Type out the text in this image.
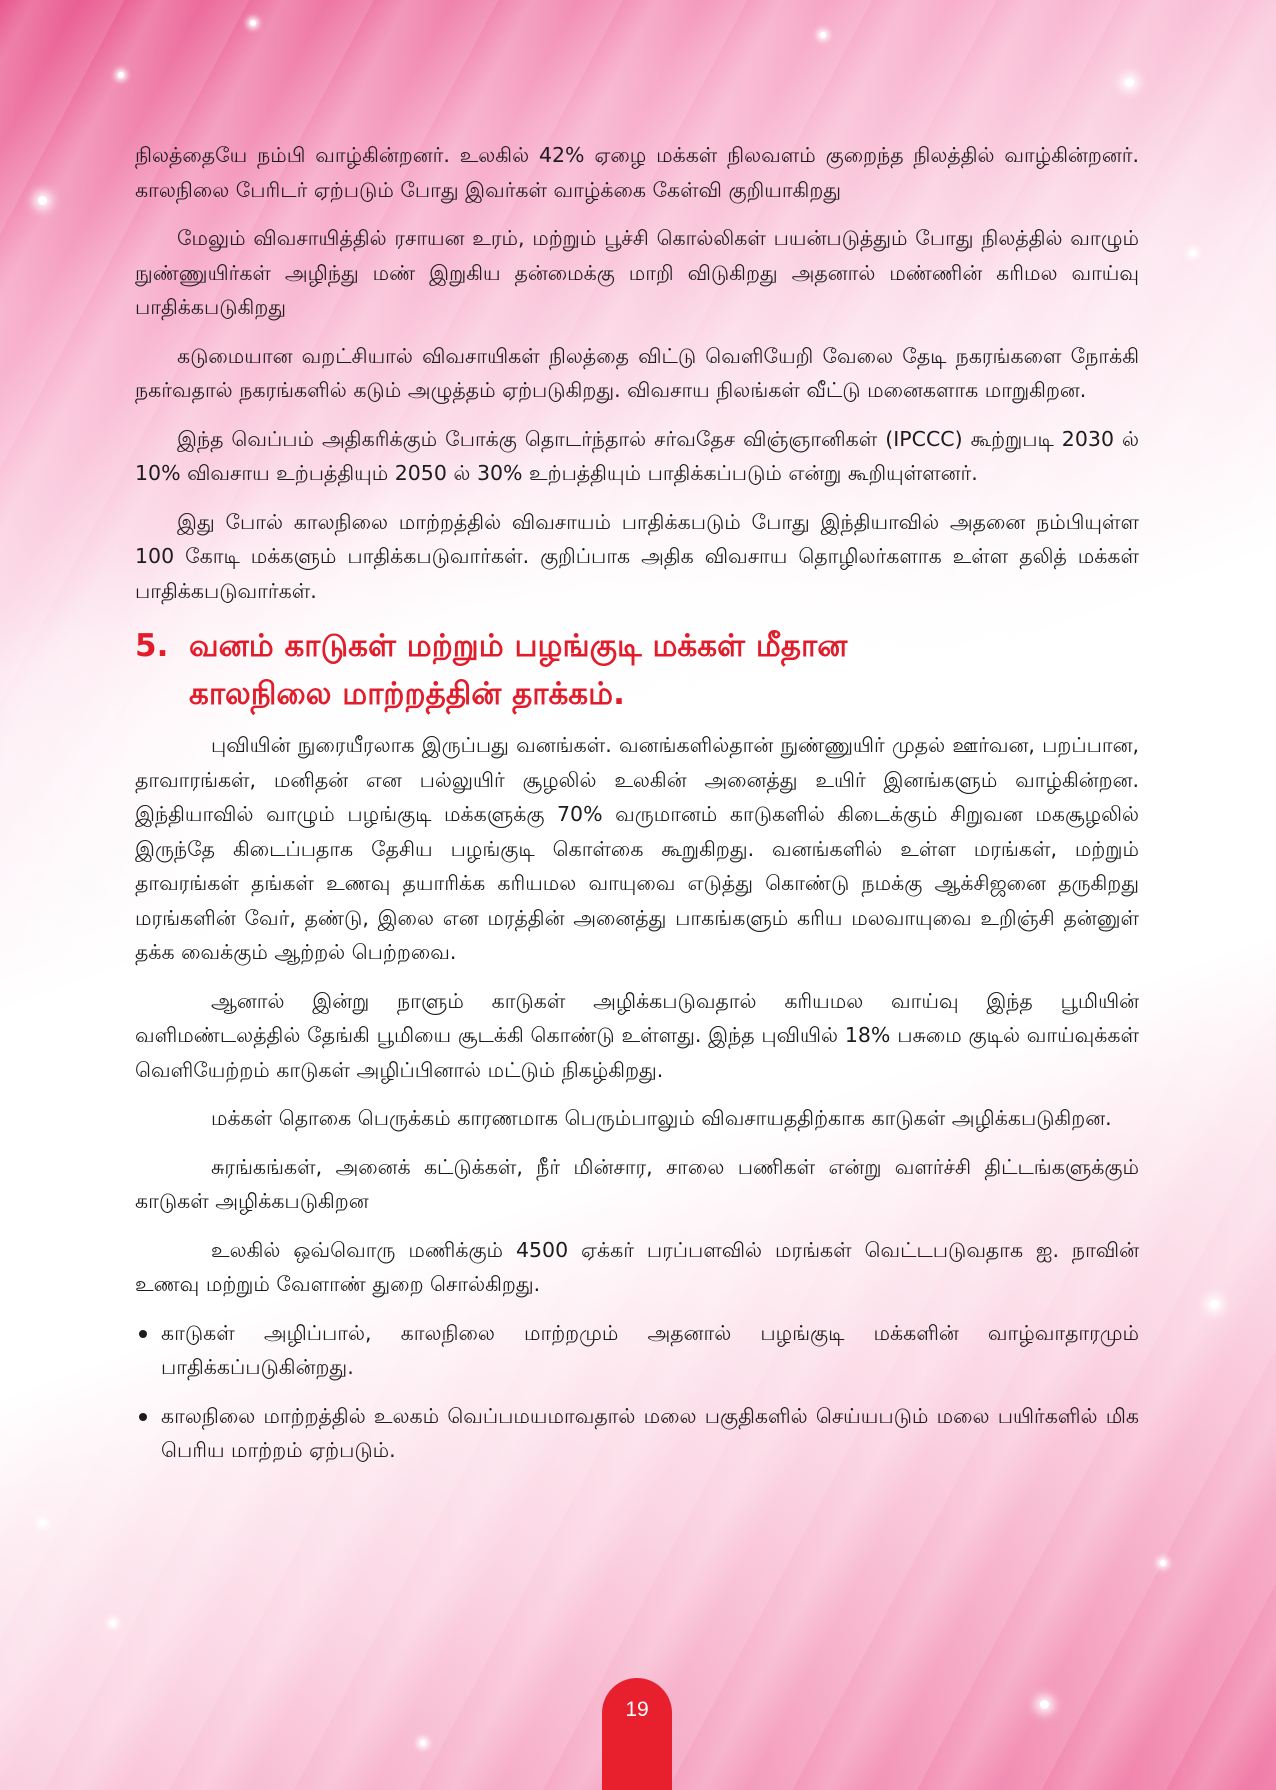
நிலத்தையே நம்பி வாழ்கின்றனர். உலகில் 42% ஏழை மக்கள் நிலவளம் குறைந்த நிலத்தில் வாழ்கின்றனர். காலநிலை பேரிடர் ஏற்படும் போது இவர்கள் வாழ்க்கை கேள்வி குறியாகிறது

மேலும் விவசாயித்தில் ரசாயன உரம், மற்றும் பூச்சி கொல்லிகள் பயன்படுத்தும் போது நிலத்தில் வாழும் நுண்ணுயிர்கள் அழிந்து மண் இறுகிய தன்மைக்கு மாறி விடுகிறது அதனால் மண்ணின் கரிமல வாய்வு பாதிக்கபடுகிறது

கடுமையான வறட்சியால் விவசாயிகள் நிலத்தை விட்டு வெளியேறி வேலை தேடி நகரங்களை நோக்கி நகர்வதால் நகரங்களில் கடும் அழுத்தம் ஏற்படுகிறது. விவசாய நிலங்கள் வீட்டு மனைகளாக மாறுகிறன.

இந்த வெப்பம் அதிகரிக்கும் போக்கு தொடர்ந்தால் சர்வதேச விஞ்ஞானிகள் (IPCCC) கூற்றுபடி 2030 ல் 10% விவசாய உற்பத்தியும் 2050 ல் 30% உற்பத்தியும் பாதிக்கப்படும் என்று கூறியுள்ளனர்.

இது போல் காலநிலை மாற்றத்தில் விவசாயம் பாதிக்கபடும் போது இந்தியாவில் அதனை நம்பியுள்ள 100 கோடி மக்களும் பாதிக்கபடுவார்கள். குறிப்பாக அதிக விவசாய தொழிலர்களாக உள்ள தலித் மக்கள் பாதிக்கபடுவார்கள்.

5. வனம் காடுகள் மற்றும் பழங்குடி மக்கள் மீதான
காலநிலை மாற்றத்தின் தாக்கம்.

புவியின் நுரையீரலாக இருப்பது வனங்கள். வனங்களில்தான் நுண்ணுயிர் முதல் ஊர்வன, பறப்பான, தாவாரங்கள், மனிதன் என பல்லுயிர் சூழலில் உலகின் அனைத்து உயிர் இனங்களும் வாழ்கின்றன. இந்தியாவில் வாழும் பழங்குடி மக்களுக்கு 70% வருமானம் காடுகளில் கிடைக்கும் சிறுவன மகசூழலில் இருந்தே கிடைப்பதாக தேசிய பழங்குடி கொள்கை கூறுகிறது. வனங்களில் உள்ள மரங்கள், மற்றும் தாவரங்கள் தங்கள் உணவு தயாரிக்க கரியமல வாயுவை எடுத்து கொண்டு நமக்கு ஆக்சிஜனை தருகிறது மரங்களின் வேர், தண்டு, இலை என மரத்தின் அனைத்து பாகங்களும் கரிய மலவாயுவை உறிஞ்சி தன்னுள் தக்க வைக்கும் ஆற்றல் பெற்றவை.

ஆனால் இன்று நாளும் காடுகள் அழிக்கபடுவதால் கரியமல வாய்வு இந்த பூமியின் வளிமண்டலத்தில் தேங்கி பூமியை சூடக்கி கொண்டு உள்ளது. இந்த புவியில் 18% பசுமை குடில் வாய்வுக்கள் வெளியேற்றம் காடுகள் அழிப்பினால் மட்டும் நிகழ்கிறது.

மக்கள் தொகை பெருக்கம் காரணமாக பெரும்பாலும் விவசாயததிற்காக காடுகள் அழிக்கபடுகிறன.

சுரங்கங்கள், அனைக் கட்டுக்கள், நீர் மின்சார, சாலை பணிகள் என்று வளர்ச்சி திட்டங்களுக்கும் காடுகள் அழிக்கபடுகிறன

உலகில் ஒவ்வொரு மணிக்கும் 4500 ஏக்கர் பரப்பளவில் மரங்கள் வெட்டபடுவதாக ஐ. நாவின் உணவு மற்றும் வேளாண் துறை சொல்கிறது.

காடுகள் அழிப்பால், காலநிலை மாற்றமும் அதனால் பழங்குடி மக்களின் வாழ்வாதாரமும் பாதிக்கப்படுகின்றது.
காலநிலை மாற்றத்தில் உலகம் வெப்பமயமாவதால் மலை பகுதிகளில் செய்யபடும் மலை பயிர்களில் மிக பெரிய மாற்றம் ஏற்படும்.
19
